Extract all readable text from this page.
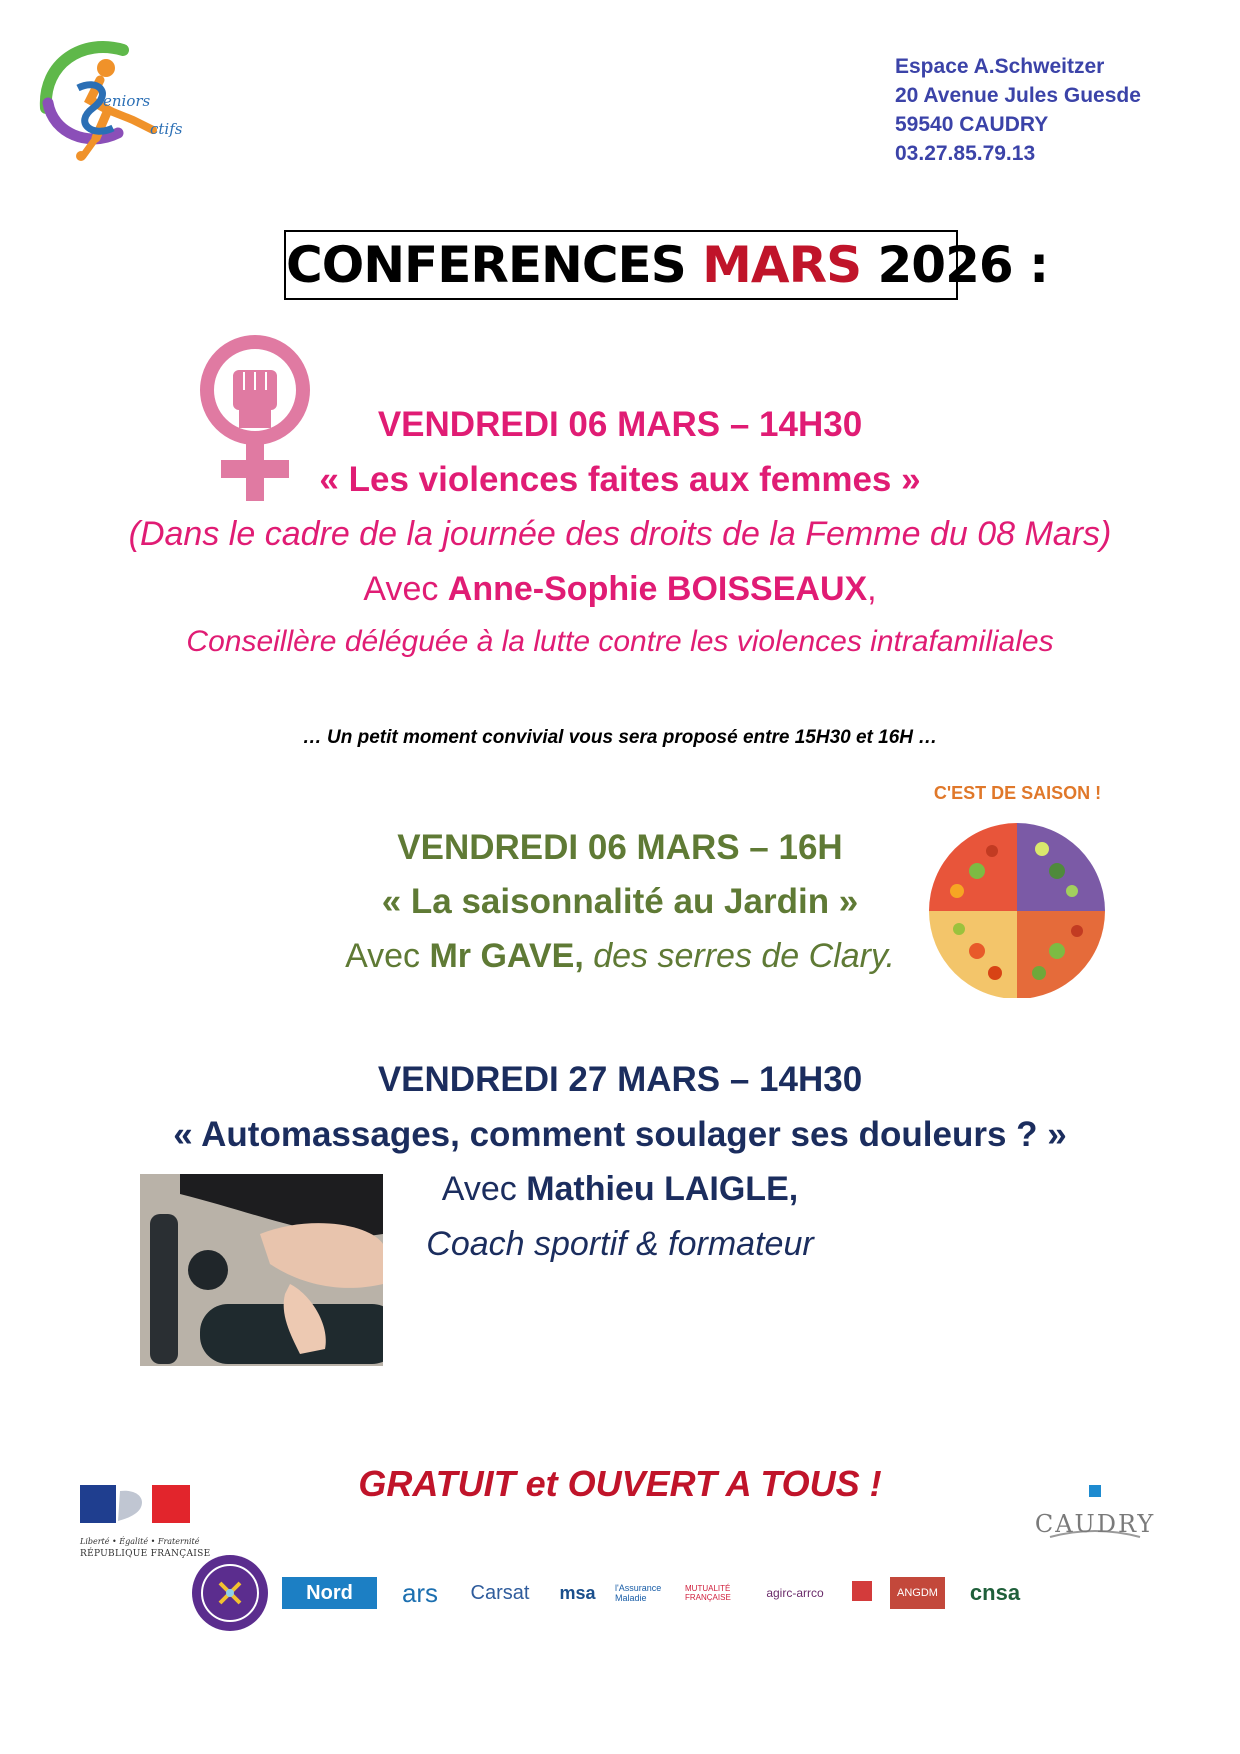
eniors
ctifs
Espace A.Schweitzer
20 Avenue Jules Guesde
59540 CAUDRY
03.27.85.79.13
CONFERENCES MARS 2026 :
VENDREDI 06 MARS – 14H30
« Les violences faites aux femmes »
(Dans le cadre de la journée des droits de la Femme du 08 Mars)
Avec Anne-Sophie BOISSEAUX,
Conseillère déléguée à la lutte contre les violences intrafamiliales
… Un petit moment convivial vous sera proposé entre 15H30 et 16H …
C'EST DE SAISON !
VENDREDI 06 MARS – 16H
« La saisonnalité au Jardin »
Avec Mr GAVE, des serres de Clary.
VENDREDI 27 MARS – 14H30
« Automassages, comment soulager ses douleurs ? »
Avec Mathieu LAIGLE,
Coach sportif & formateur
GRATUIT et OUVERT A TOUS !
Liberté • Égalité • Fraternité
RÉPUBLIQUE FRANÇAISE
CAUDRY
Nord	ars	Carsat	msa	l'Assurance Maladie
MUTUALITÉ FRANÇAISE	agirc-arrco	ANGDM	cnsa
